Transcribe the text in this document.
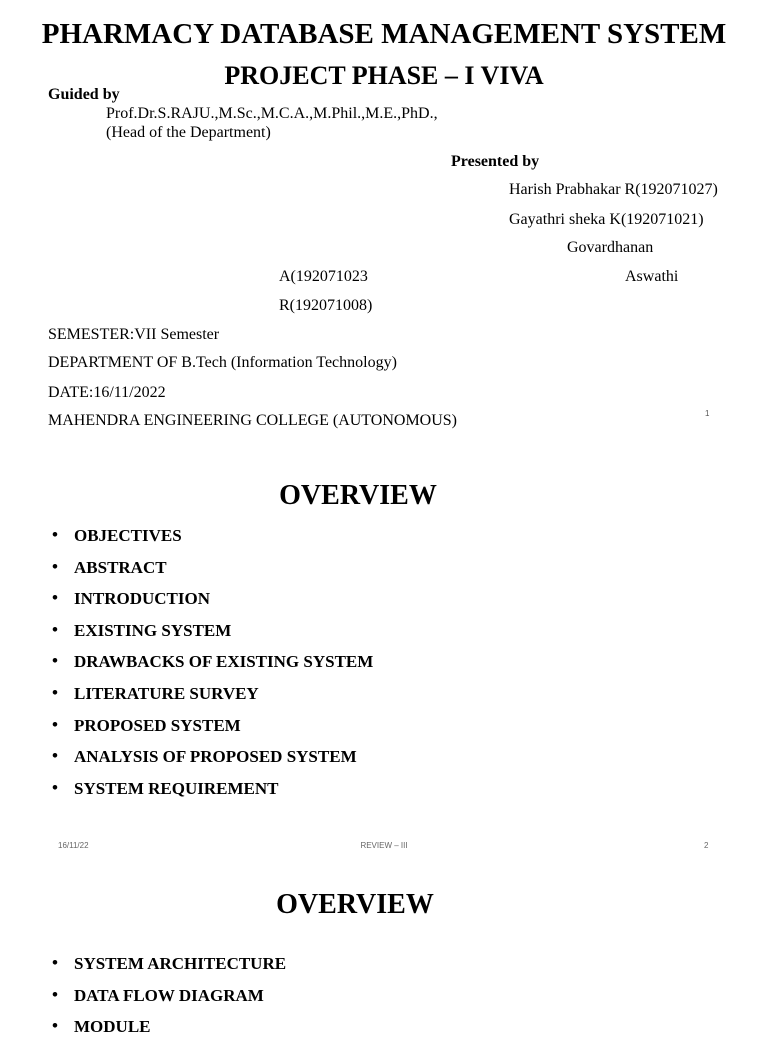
PHARMACY DATABASE MANAGEMENT SYSTEM
PROJECT PHASE – I VIVA
Guided by
Prof.Dr.S.RAJU.,M.Sc.,M.C.A.,M.Phil.,M.E.,PhD.,
(Head of the Department)
Presented by
Harish Prabhakar R(192071027)
Gayathri sheka K(192071021)
Govardhanan
A(192071023	Aswathi
R(192071008)
SEMESTER:VII Semester
DEPARTMENT OF B.Tech (Information Technology)
DATE:16/11/2022
MAHENDRA ENGINEERING COLLEGE (AUTONOMOUS)	1
OVERVIEW
• OBJECTIVES
• ABSTRACT
• INTRODUCTION
• EXISTING SYSTEM
• DRAWBACKS OF EXISTING SYSTEM
• LITERATURE SURVEY
• PROPOSED SYSTEM
• ANALYSIS OF PROPOSED SYSTEM
• SYSTEM REQUIREMENT
16/11/22	REVIEW – III	2
OVERVIEW
• SYSTEM ARCHITECTURE
• DATA FLOW DIAGRAM
• MODULE
